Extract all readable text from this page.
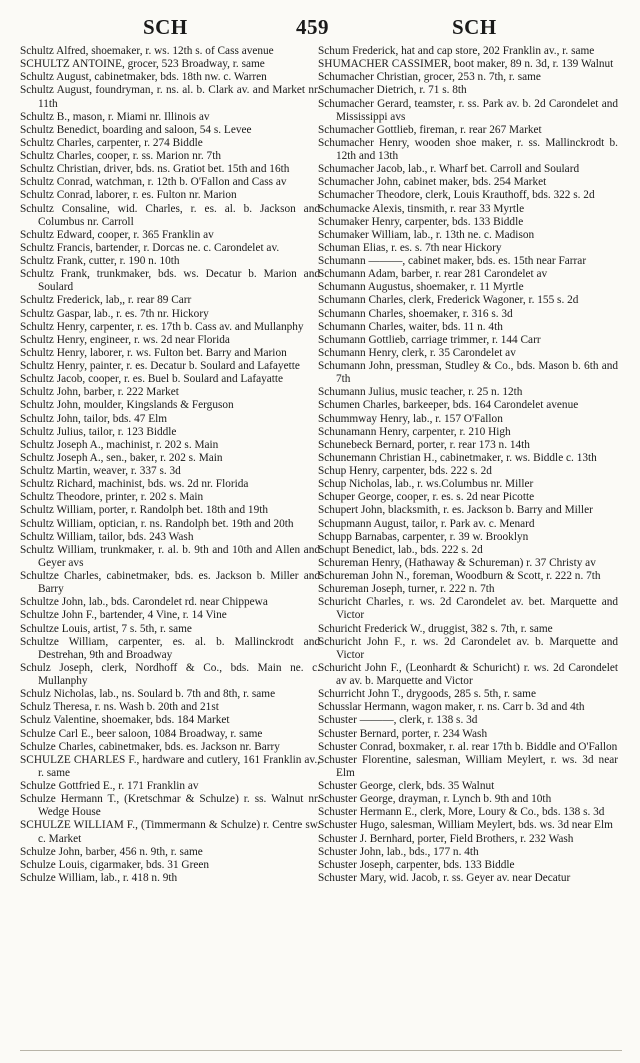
SCH	459	SCH
Schultz Alfred, shoemaker, r. ws. 12th s. of Cass avenue
SCHULTZ ANTOINE, grocer, 523 Broadway, r. same
Schultz August, cabinetmaker, bds. 18th nw. c. Warren
Schultz August, foundryman, r. ns. al. b. Clark av. and Market nr. 11th
Schultz B., mason, r. Miami nr. Illinois av
Schultz Benedict, boarding and saloon, 54 s. Levee
Schultz Charles, carpenter, r. 274 Biddle
Schultz Charles, cooper, r. ss. Marion nr. 7th
Schultz Christian, driver, bds. ns. Gratiot bet. 15th and 16th
Schultz Conrad, watchman, r. 12th b. O'Fallon and Cass av
Schultz Conrad, laborer, r. es. Fulton nr. Marion
Schultz Consaline, wid. Charles, r. es. al. b. Jackson and Columbus nr. Carroll
Schultz Edward, cooper, r. 365 Franklin av
Schultz Francis, bartender, r. Dorcas ne. c. Carondelet av.
Schultz Frank, cutter, r. 190 n. 10th
Schultz Frank, trunkmaker, bds. ws. Decatur b. Marion and Soulard
Schultz Frederick, lab,, r. rear 89 Carr
Schultz Gaspar, lab., r. es. 7th nr. Hickory
Schultz Henry, carpenter, r. es. 17th b. Cass av. and Mullanphy
Schultz Henry, engineer, r. ws. 2d near Florida
Schultz Henry, laborer, r. ws. Fulton bet. Barry and Marion
Schultz Henry, painter, r. es. Decatur b. Soulard and Lafayette
Schultz Jacob, cooper, r. es. Buel b. Soulard and Lafayatte
Schultz John, barber, r. 222 Market
Schultz John, moulder, Kingslands & Ferguson
Schultz John, tailor, bds. 47 Elm
Schultz Julius, tailor, r. 123 Biddle
Schultz Joseph A., machinist, r. 202 s. Main
Schultz Joseph A., sen., baker, r. 202 s. Main
Schultz Martin, weaver, r. 337 s. 3d
Schultz Richard, machinist, bds. ws. 2d nr. Florida
Schultz Theodore, printer, r. 202 s. Main
Schultz William, porter, r. Randolph bet. 18th and 19th
Schultz William, optician, r. ns. Randolph bet. 19th and 20th
Schultz William, tailor, bds. 243 Wash
Schultz William, trunkmaker, r. al. b. 9th and 10th and Allen and Geyer avs
Schultze Charles, cabinetmaker, bds. es. Jackson b. Miller and Barry
Schultze John, lab., bds. Carondelet rd. near Chippewa
Schultze John F., bartender, 4 Vine, r. 14 Vine
Schultze Louis, artist, 7 s. 5th, r. same
Schultze William, carpenter, es. al. b. Mallinckrodt and Destrehan, 9th and Broadway
Schulz Joseph, clerk, Nordhoff & Co., bds. Main ne. c. Mullanphy
Schulz Nicholas, lab., ns. Soulard b. 7th and 8th, r. same
Schulz Theresa, r. ns. Wash b. 20th and 21st
Schulz Valentine, shoemaker, bds. 184 Market
Schulze Carl E., beer saloon, 1084 Broadway, r. same
Schulze Charles, cabinetmaker, bds. es. Jackson nr. Barry
SCHULZE CHARLES F., hardware and cutlery, 161 Franklin av., r. same
Schulze Gottfried E., r. 171 Franklin av
Schulze Hermann T., (Kretschmar & Schulze) r. ss. Walnut nr. Wedge House
SCHULZE WILLIAM F., (Timmermann & Schulze) r. Centre sw. c. Market
Schulze John, barber, 456 n. 9th, r. same
Schulze Louis, cigarmaker, bds. 31 Green
Schulze William, lab., r. 418 n. 9th
Schum Frederick, hat and cap store, 202 Franklin av., r. same
SHUMACHER CASSIMER, boot maker, 89 n. 3d, r. 139 Walnut
Schumacher Christian, grocer, 253 n. 7th, r. same
Schumacher Dietrich, r. 71 s. 8th
Schumacher Gerard, teamster, r. ss. Park av. b. 2d Carondelet and Mississippi avs
Schumacher Gottlieb, fireman, r. rear 267 Market
Schumacher Henry, wooden shoe maker, r. ss. Mallinckrodt b. 12th and 13th
Schumacher Jacob, lab., r. Wharf bet. Carroll and Soulard
Schumacher John, cabinet maker, bds. 254 Market
Schumacher Theodore, clerk, Louis Krauthoff, bds. 322 s. 2d
Schumacke Alexis, tinsmith, r. rear 33 Myrtle
Schumaker Henry, carpenter, bds. 133 Biddle
Schumaker William, lab., r. 13th ne. c. Madison
Schuman Elias, r. es. s. 7th near Hickory
Schumann ———, cabinet maker, bds. es. 15th near Farrar
Schumann Adam, barber, r. rear 281 Carondelet av
Schumann Augustus, shoemaker, r. 11 Myrtle
Schumann Charles, clerk, Frederick Wagoner, r. 155 s. 2d
Schumann Charles, shoemaker, r. 316 s. 3d
Schumann Charles, waiter, bds. 11 n. 4th
Schumann Gottlieb, carriage trimmer, r. 144 Carr
Schumann Henry, clerk, r. 35 Carondelet av
Schumann John, pressman, Studley & Co., bds. Mason b. 6th and 7th
Schumann Julius, music teacher, r. 25 n. 12th
Schumen Charles, barkeeper, bds. 164 Carondelet avenue
Schummway Henry, lab., r. 157 O'Fallon
Schunamann Henry, carpenter, r. 210 High
Schunebeck Bernard, porter, r. rear 173 n. 14th
Schunemann Christian H., cabinetmaker, r. ws. Biddle c. 13th
Schup Henry, carpenter, bds. 222 s. 2d
Schup Nicholas, lab., r. ws.Columbus nr. Miller
Schuper George, cooper, r. es. s. 2d near Picotte
Schupert John, blacksmith, r. es. Jackson b. Barry and Miller
Schupmann August, tailor, r. Park av. c. Menard
Schupp Barnabas, carpenter, r. 39 w. Brooklyn
Schupt Benedict, lab., bds. 222 s. 2d
Schureman Henry, (Hathaway & Schureman) r. 37 Christy av
Schureman John N., foreman, Woodburn & Scott, r. 222 n. 7th
Schureman Joseph, turner, r. 222 n. 7th
Schuricht Charles, r. ws. 2d Carondelet av. bet. Marquette and Victor
Schuricht Frederick W., druggist, 382 s. 7th, r. same
Schuricht John F., r. ws. 2d Carondelet av. b. Marquette and Victor
Schuricht John F., (Leonhardt & Schuricht) r. ws. 2d Carondelet av av. b. Marquette and Victor
Schurricht John T., drygoods, 285 s. 5th, r. same
Schusslar Hermann, wagon maker, r. ns. Carr b. 3d and 4th
Schuster ———, clerk, r. 138 s. 3d
Schuster Bernard, porter, r. 234 Wash
Schuster Conrad, boxmaker, r. al. rear 17th b. Biddle and O'Fallon
Schuster Florentine, salesman, William Meylert, r. ws. 3d near Elm
Schuster George, clerk, bds. 35 Walnut
Schuster George, drayman, r. Lynch b. 9th and 10th
Schuster Hermann E., clerk, More, Loury & Co., bds. 138 s. 3d
Schuster Hugo, salesman, William Meylert, bds. ws. 3d near Elm
Schuster J. Bernhard, porter, Field Brothers, r. 232 Wash
Schuster John, lab., bds., 177 n. 4th
Schuster Joseph, carpenter, bds. 133 Biddle
Schuster Mary, wid. Jacob, r. ss. Geyer av. near Decatur
